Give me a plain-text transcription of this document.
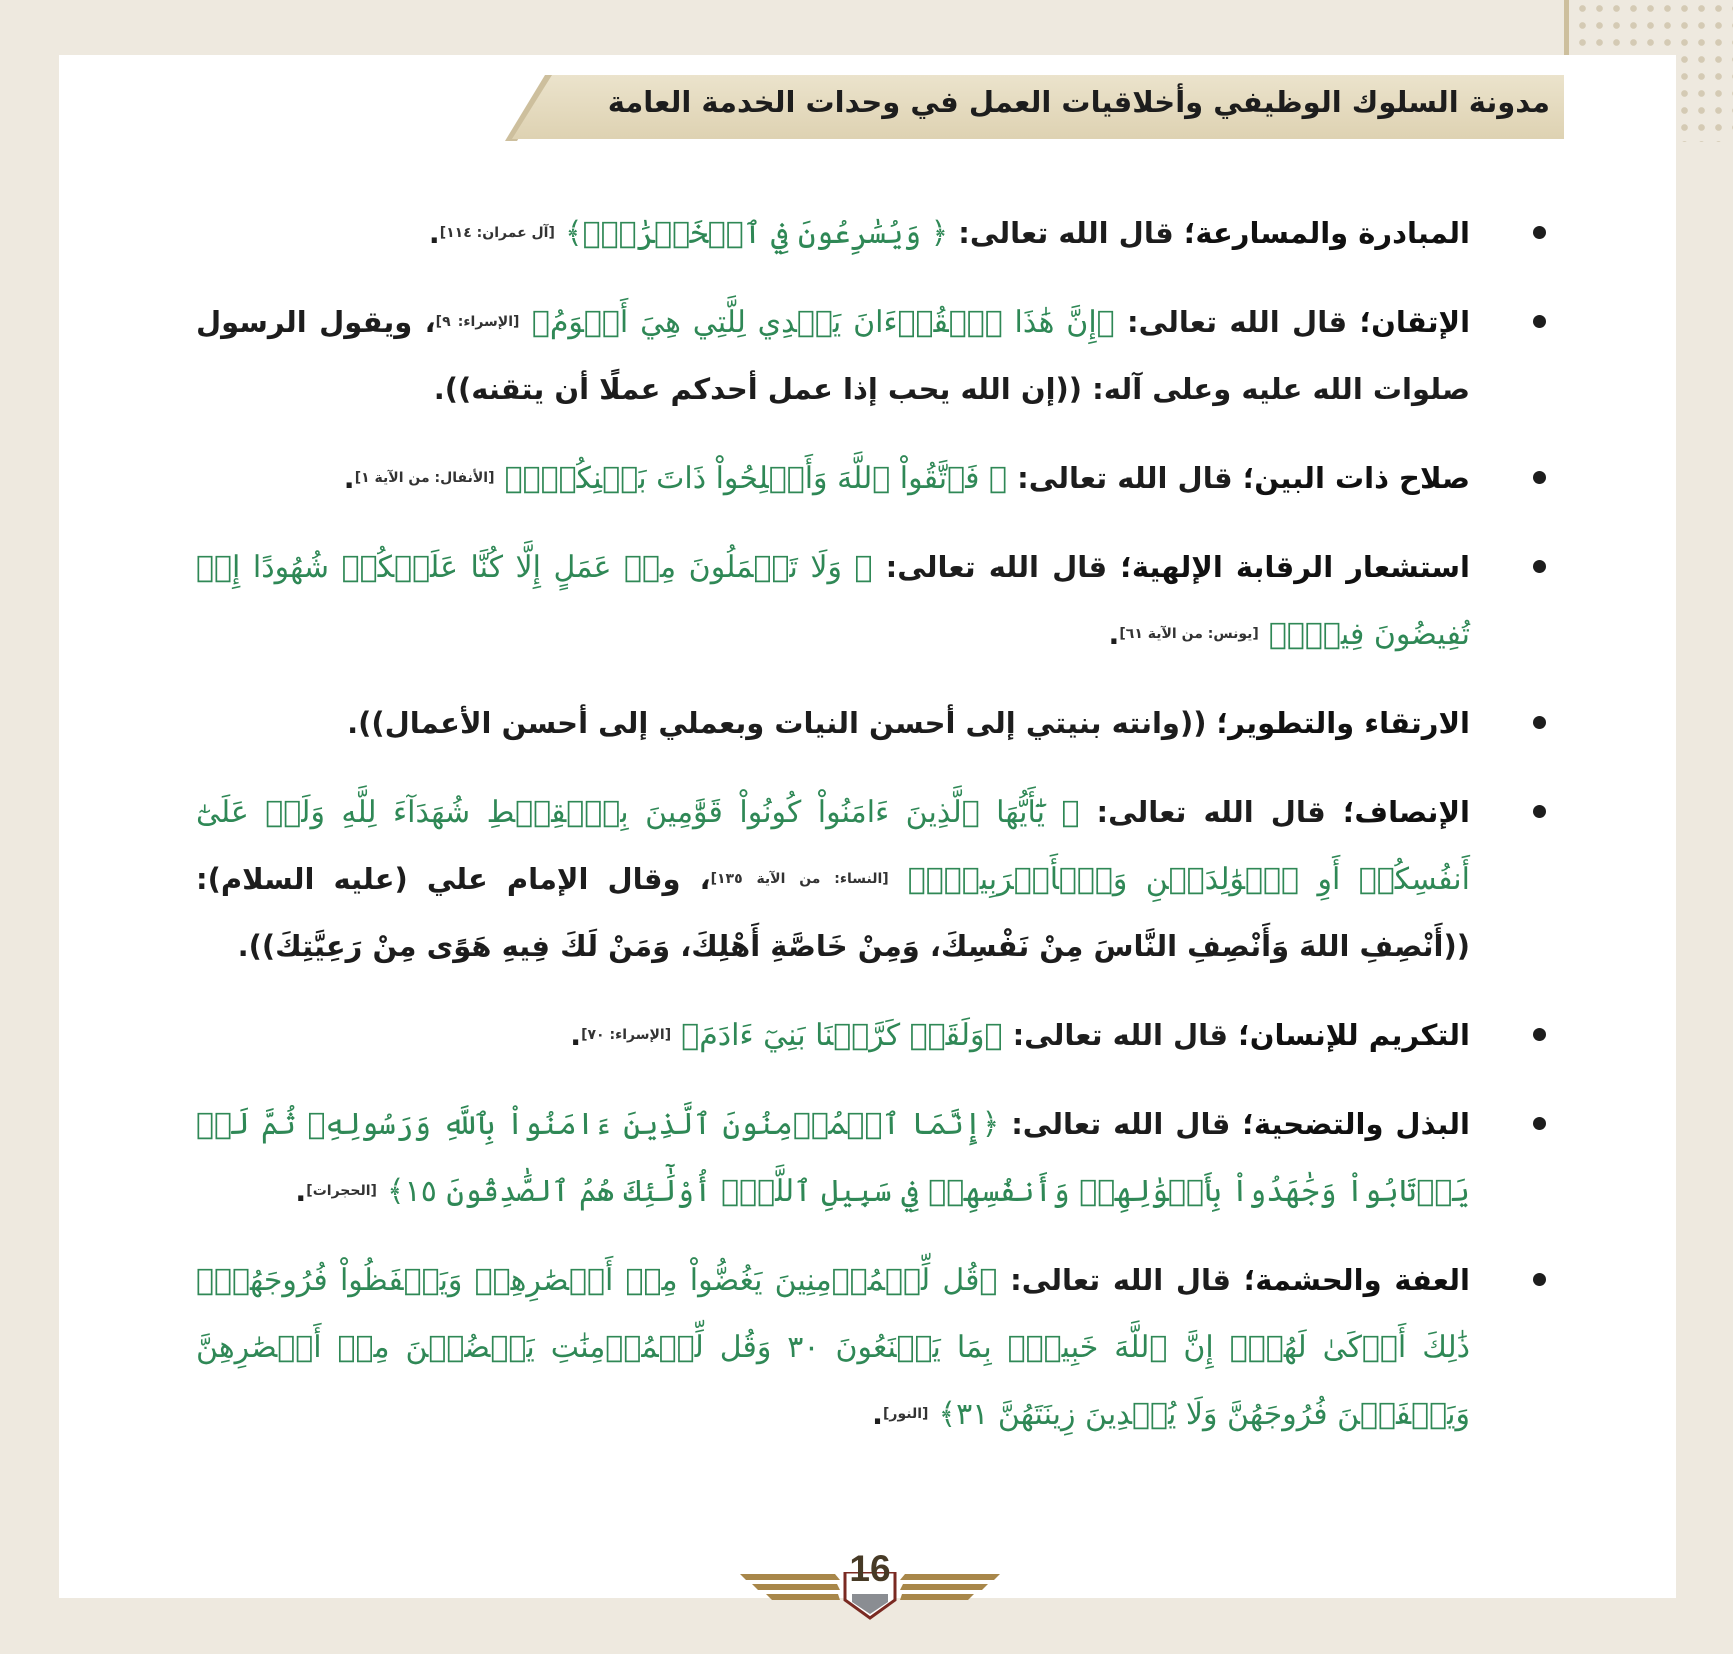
مدونة السلوك الوظيفي وأخلاقيات العمل في وحدات الخدمة العامة
المبادرة والمسارعة؛ قال الله تعالى: ﴿ وَيُسَٰرِعُونَ فِي ٱلۡخَيۡرَٰتِۖ﴾ [آل عمران: ١١٤].
الإتقان؛ قال الله تعالى: ﴿إِنَّ هَٰذَا ٱلۡقُرۡءَانَ يَهۡدِي لِلَّتِي هِيَ أَقۡوَمُ﴾ [الإسراء: ٩]، ويقول الرسول صلوات الله عليه وعلى آله: ((إن الله يحب إذا عمل أحدكم عملًا أن يتقنه)).
صلاح ذات البين؛ قال الله تعالى: ﴿ فَٱتَّقُواْ ٱللَّهَ وَأَصۡلِحُواْ ذَاتَ بَيۡنِكُمۡۖ﴾ [الأنفال: من الآية ١].
استشعار الرقابة الإلهية؛ قال الله تعالى: ﴿ وَلَا تَعۡمَلُونَ مِنۡ عَمَلٍ إِلَّا كُنَّا عَلَيۡكُمۡ شُهُودًا إِذۡ تُفِيضُونَ فِيهِۚ﴾ [يونس: من الآية ٦١].
الارتقاء والتطوير؛ ((وانته بنيتي إلى أحسن النيات وبعملي إلى أحسن الأعمال)).
الإنصاف؛ قال الله تعالى: ﴿ يَٰٓأَيُّهَا ٱلَّذِينَ ءَامَنُواْ كُونُواْ قَوَّٰمِينَ بِٱلۡقِسۡطِ شُهَدَآءَ لِلَّهِ وَلَوۡ عَلَىٰٓ أَنفُسِكُمۡ أَوِ ٱلۡوَٰلِدَيۡنِ وَٱلۡأَقۡرَبِينَۚ﴾ [النساء: من الآية ١٣٥]، وقال الإمام علي (عليه السلام): ((أَنْصِفِ اللهَ وَأَنْصِفِ النَّاسَ مِنْ نَفْسِكَ، وَمِنْ خَاصَّةِ أَهْلِكَ، وَمَنْ لَكَ فِيهِ هَوًى مِنْ رَعِيَّتِكَ)).
التكريم للإنسان؛ قال الله تعالى: ﴿وَلَقَدۡ كَرَّمۡنَا بَنِيٓ ءَادَمَ﴾ [الإسراء: ٧٠].
البذل والتضحية؛ قال الله تعالى: ﴿إِنَّمَا ٱلۡمُؤۡمِنُونَ ٱلَّذِينَ ءَامَنُواْ بِٱللَّهِ وَرَسُولِهِۦ ثُمَّ لَمۡ يَرۡتَابُواْ وَجَٰهَدُواْ بِأَمۡوَٰلِهِمۡ وَأَنفُسِهِمۡ فِي سَبِيلِ ٱللَّهِۚ أُوْلَٰٓئِكَ هُمُ ٱلصَّٰدِقُونَ ١٥﴾ [الحجرات].
العفة والحشمة؛ قال الله تعالى: ﴿قُل لِّلۡمُؤۡمِنِينَ يَغُضُّواْ مِنۡ أَبۡصَٰرِهِمۡ وَيَحۡفَظُواْ فُرُوجَهُمۡۚ ذَٰلِكَ أَزۡكَىٰ لَهُمۡۚ إِنَّ ٱللَّهَ خَبِيرُۢ بِمَا يَصۡنَعُونَ ٣٠ وَقُل لِّلۡمُؤۡمِنَٰتِ يَغۡضُضۡنَ مِنۡ أَبۡصَٰرِهِنَّ وَيَحۡفَظۡنَ فُرُوجَهُنَّ وَلَا يُبۡدِينَ زِينَتَهُنَّ ٣١﴾ [النور].
16
